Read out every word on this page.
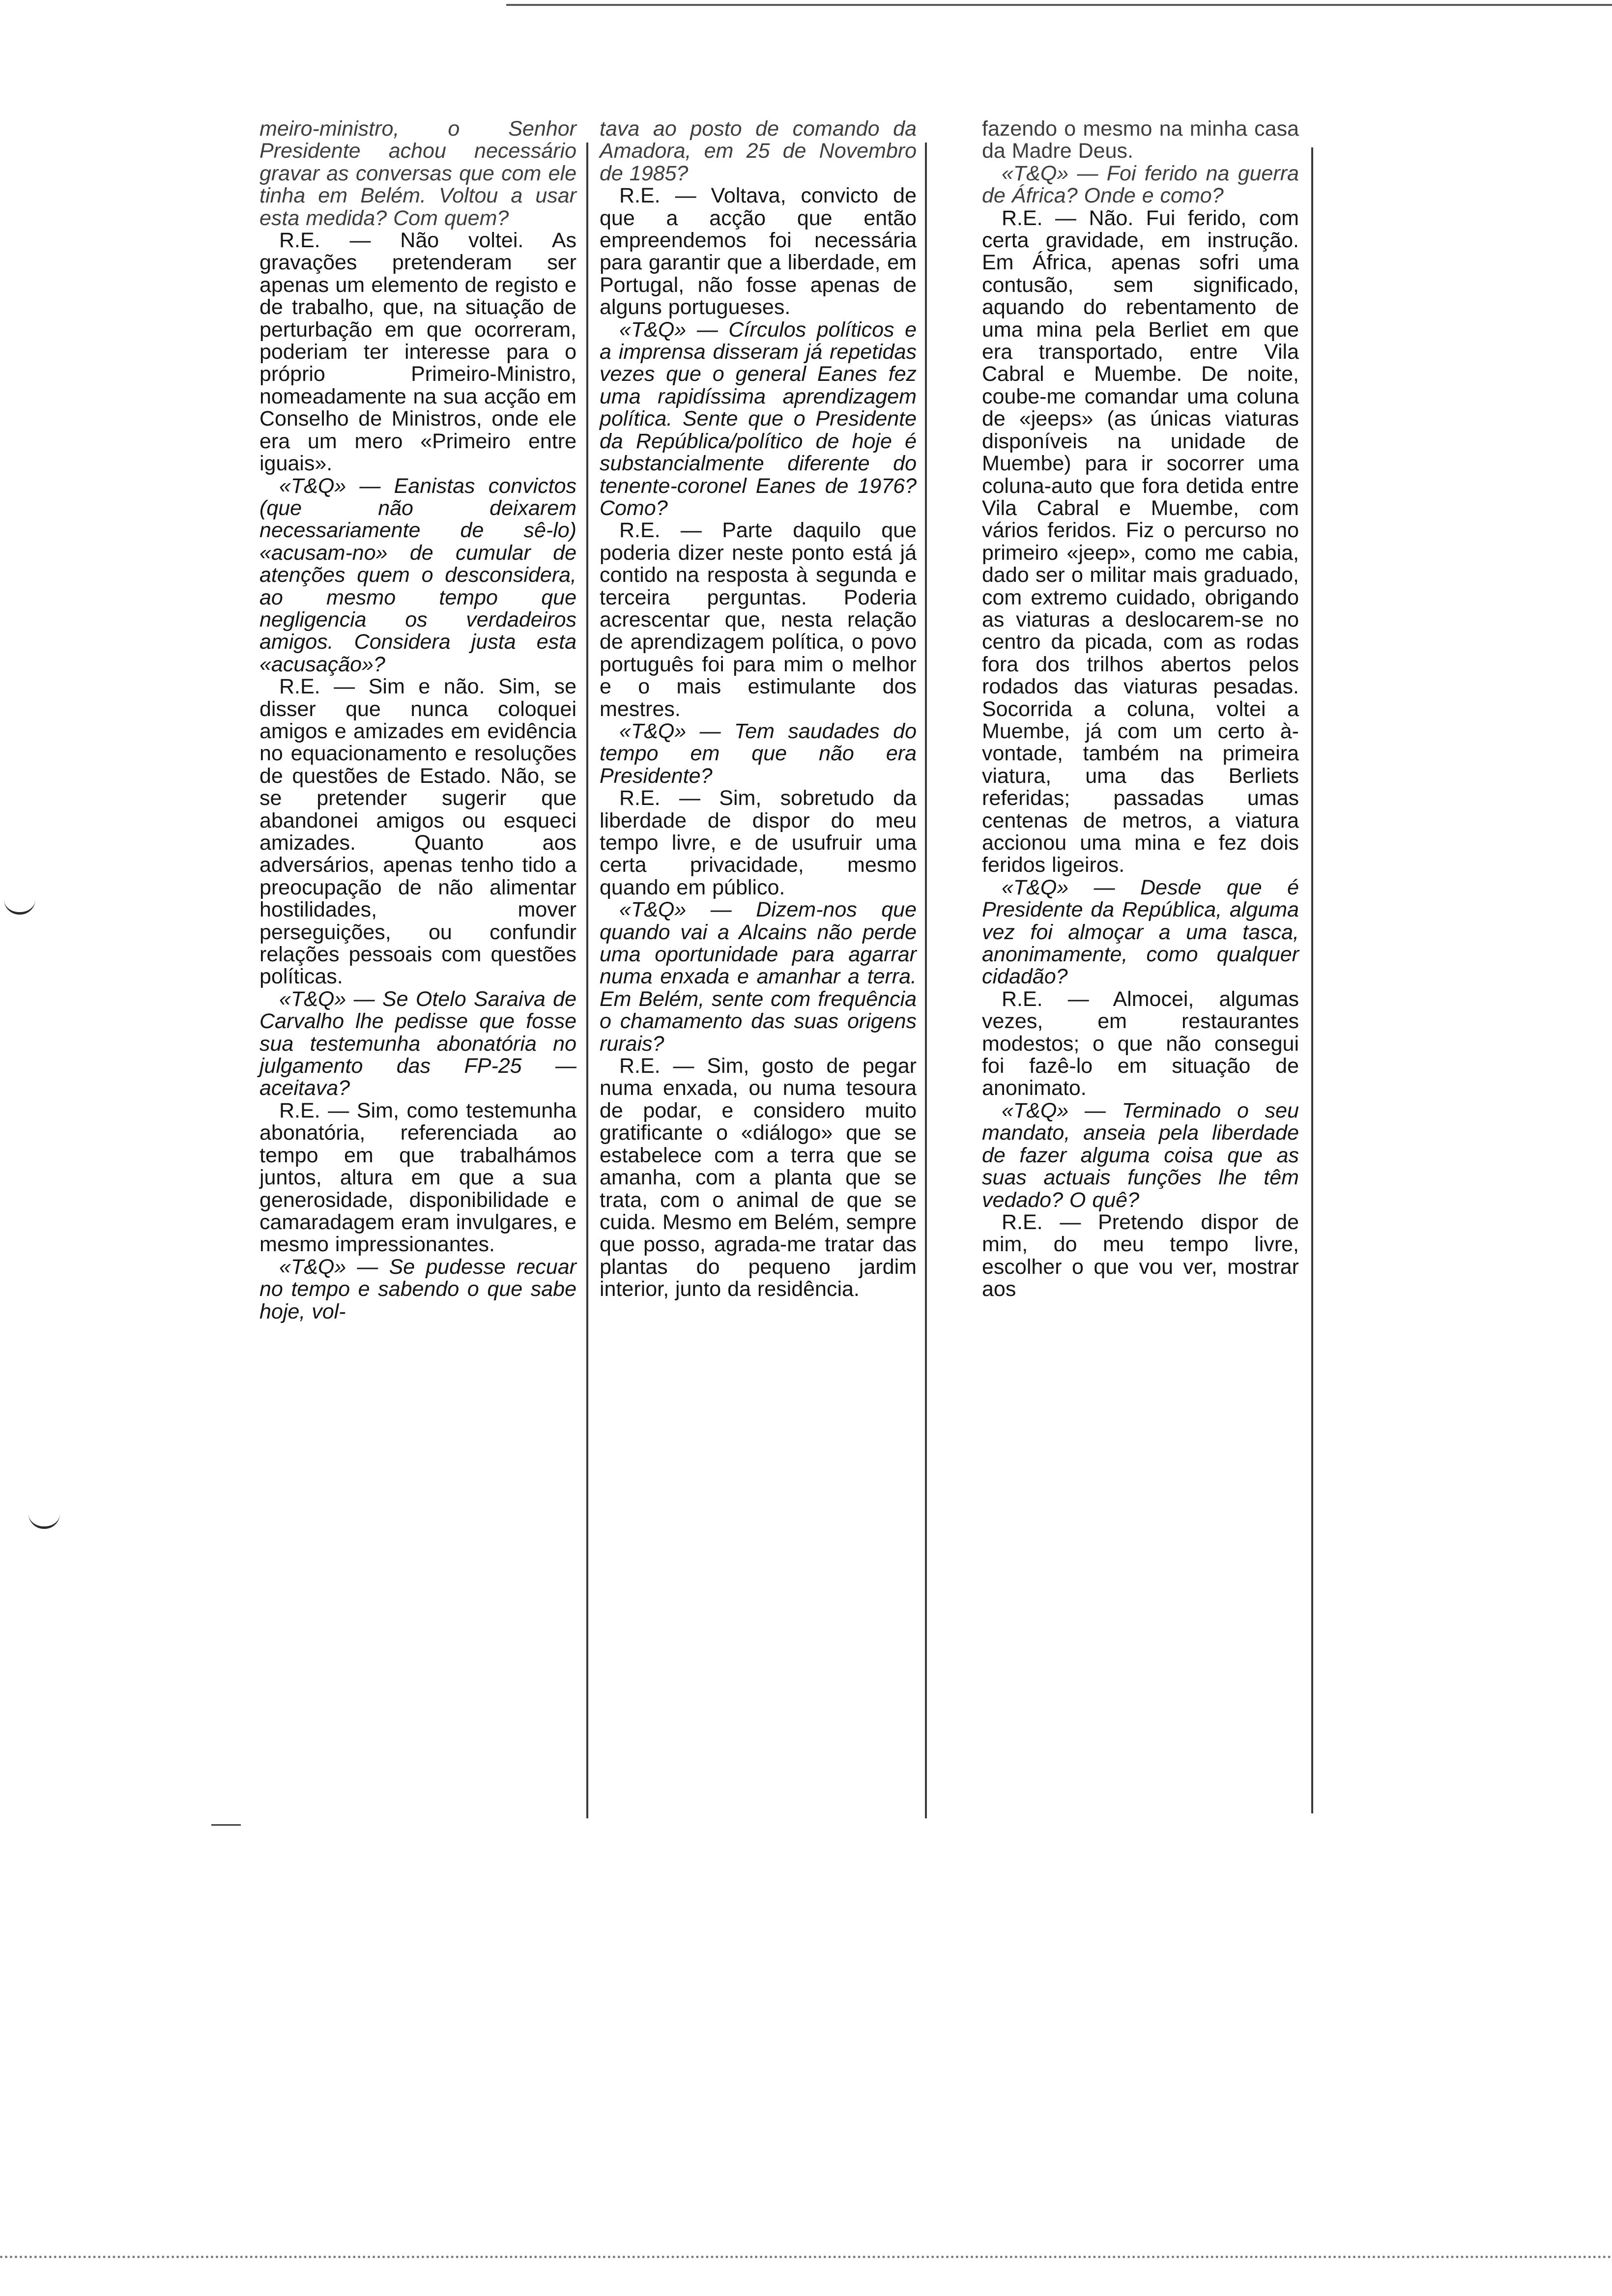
meiro-ministro, o Senhor Presidente achou necessário gravar as conversas que com ele tinha em Belém. Voltou a usar esta medida? Com quem?

R.E. — Não voltei. As gravações pretenderam ser apenas um elemento de registo e de trabalho, que, na situação de perturbação em que ocorreram, poderiam ter interesse para o próprio Primeiro-Ministro, nomeadamente na sua acção em Conselho de Ministros, onde ele era um mero «Primeiro entre iguais».

«T&Q» — Eanistas convictos (que não deixarem necessariamente de sê-lo) «acusam-no» de cumular de atenções quem o desconsidera, ao mesmo tempo que negligencia os verdadeiros amigos. Considera justa esta «acusação»?

R.E. — Sim e não. Sim, se disser que nunca coloquei amigos e amizades em evidência no equacionamento e resoluções de questões de Estado. Não, se se pretender sugerir que abandonei amigos ou esqueci amizades. Quanto aos adversários, apenas tenho tido a preocupação de não alimentar hostilidades, mover perseguições, ou confundir relações pessoais com questões políticas.

«T&Q» — Se Otelo Saraiva de Carvalho lhe pedisse que fosse sua testemunha abonatória no julgamento das FP-25 — aceitava?

R.E. — Sim, como testemunha abonatória, referenciada ao tempo em que trabalhámos juntos, altura em que a sua generosidade, disponibilidade e camaradagem eram invulgares, e mesmo impressionantes.

«T&Q» — Se pudesse recuar no tempo e sabendo o que sabe hoje, vol-

tava ao posto de comando da Amadora, em 25 de Novembro de 1985?

R.E. — Voltava, convicto de que a acção que então empreendemos foi necessária para garantir que a liberdade, em Portugal, não fosse apenas de alguns portugueses.

«T&Q» — Círculos políticos e a imprensa disseram já repetidas vezes que o general Eanes fez uma rapidíssima aprendizagem política. Sente que o Presidente da República/político de hoje é substancialmente diferente do tenente-coronel Eanes de 1976? Como?

R.E. — Parte daquilo que poderia dizer neste ponto está já contido na resposta à segunda e terceira perguntas. Poderia acrescentar que, nesta relação de aprendizagem política, o povo português foi para mim o melhor e o mais estimulante dos mestres.

«T&Q» — Tem saudades do tempo em que não era Presidente?

R.E. — Sim, sobretudo da liberdade de dispor do meu tempo livre, e de usufruir uma certa privacidade, mesmo quando em público.

«T&Q» — Dizem-nos que quando vai a Alcains não perde uma oportunidade para agarrar numa enxada e amanhar a terra. Em Belém, sente com frequência o chamamento das suas origens rurais?

R.E. — Sim, gosto de pegar numa enxada, ou numa tesoura de podar, e considero muito gratificante o «diálogo» que se estabelece com a terra que se amanha, com a planta que se trata, com o animal de que se cuida. Mesmo em Belém, sempre que posso, agrada-me tratar das plantas do pequeno jardim interior, junto da residência.

fazendo o mesmo na minha casa da Madre Deus.

«T&Q» — Foi ferido na guerra de África? Onde e como?

R.E. — Não. Fui ferido, com certa gravidade, em instrução. Em África, apenas sofri uma contusão, sem significado, aquando do rebentamento de uma mina pela Berliet em que era transportado, entre Vila Cabral e Muembe. De noite, coube-me comandar uma coluna de «jeeps» (as únicas viaturas disponíveis na unidade de Muembe) para ir socorrer uma coluna-auto que fora detida entre Vila Cabral e Muembe, com vários feridos. Fiz o percurso no primeiro «jeep», como me cabia, dado ser o militar mais graduado, com extremo cuidado, obrigando as viaturas a deslocarem-se no centro da picada, com as rodas fora dos trilhos abertos pelos rodados das viaturas pesadas. Socorrida a coluna, voltei a Muembe, já com um certo à-vontade, também na primeira viatura, uma das Berliets referidas; passadas umas centenas de metros, a viatura accionou uma mina e fez dois feridos ligeiros.

«T&Q» — Desde que é Presidente da República, alguma vez foi almoçar a uma tasca, anonimamente, como qualquer cidadão?

R.E. — Almocei, algumas vezes, em restaurantes modestos; o que não consegui foi fazê-lo em situação de anonimato.

«T&Q» — Terminado o seu mandato, anseia pela liberdade de fazer alguma coisa que as suas actuais funções lhe têm vedado? O quê?

R.E. — Pretendo dispor de mim, do meu tempo livre, escolher o que vou ver, mostrar aos
